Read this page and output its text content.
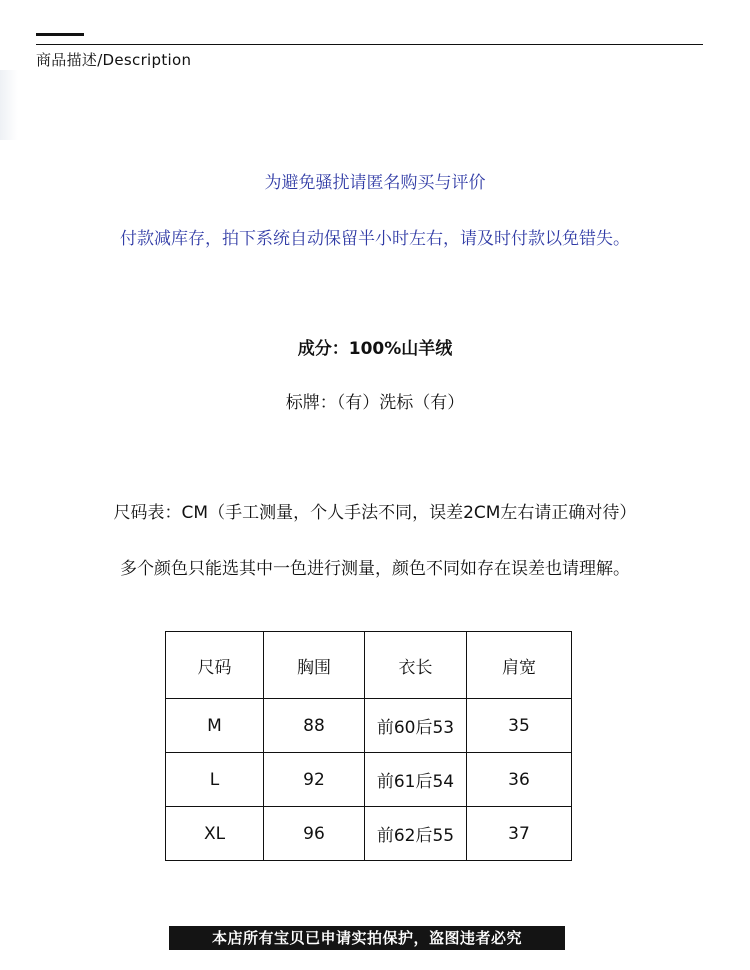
商品描述/Description
为避免骚扰请匿名购买与评价
付款减库存，拍下系统自动保留半小时左右，请及时付款以免错失。
成分：100%山羊绒
标牌：（有）洗标（有）
尺码表：CM（手工测量，个人手法不同，误差2CM左右请正确对待）
多个颜色只能选其中一色进行测量，颜色不同如存在误差也请理解。
尺码	胸围	衣长	肩宽
M	88	前60后53	35
L	92	前61后54	36
XL	96	前62后55	37
本店所有宝贝已申请实拍保护，盗图违者必究
